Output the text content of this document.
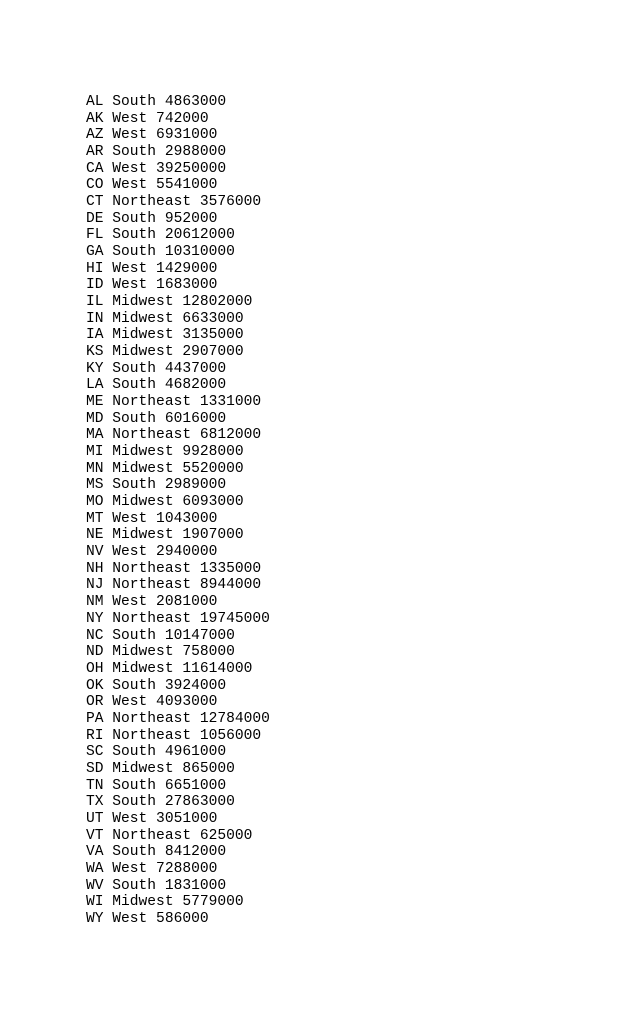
AL South 4863000
AK West 742000
AZ West 6931000
AR South 2988000
CA West 39250000
CO West 5541000
CT Northeast 3576000
DE South 952000
FL South 20612000
GA South 10310000
HI West 1429000
ID West 1683000
IL Midwest 12802000
IN Midwest 6633000
IA Midwest 3135000
KS Midwest 2907000
KY South 4437000
LA South 4682000
ME Northeast 1331000
MD South 6016000
MA Northeast 6812000
MI Midwest 9928000
MN Midwest 5520000
MS South 2989000
MO Midwest 6093000
MT West 1043000
NE Midwest 1907000
NV West 2940000
NH Northeast 1335000
NJ Northeast 8944000
NM West 2081000
NY Northeast 19745000
NC South 10147000
ND Midwest 758000
OH Midwest 11614000
OK South 3924000
OR West 4093000
PA Northeast 12784000
RI Northeast 1056000
SC South 4961000
SD Midwest 865000
TN South 6651000
TX South 27863000
UT West 3051000
VT Northeast 625000
VA South 8412000
WA West 7288000
WV South 1831000
WI Midwest 5779000
WY West 586000
